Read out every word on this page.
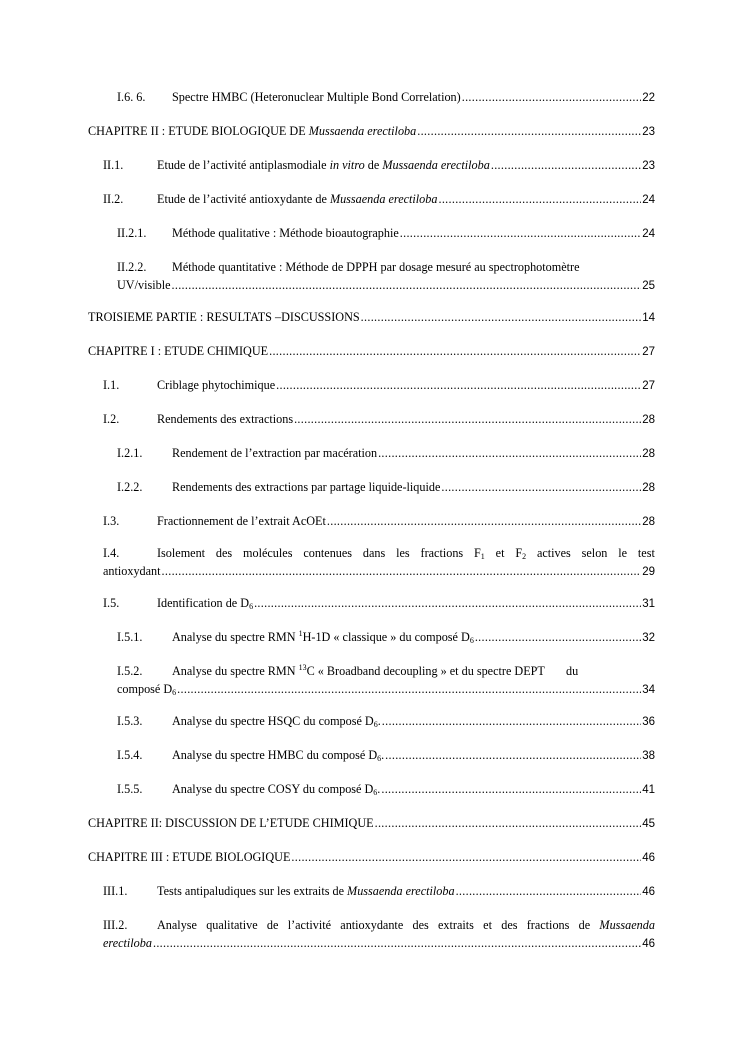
I.6. 6.	Spectre HMBC (Heteronuclear Multiple Bond Correlation) .....	22
CHAPITRE II : ETUDE BIOLOGIQUE DE Mussaenda erectiloba .....	23
II.1.	Etude de l’activité antiplasmodiale in vitro de Mussaenda erectiloba .....	23
II.2.	Etude de l’activité antioxydante de Mussaenda erectiloba .....	24
II.2.1.	Méthode qualitative : Méthode bioautographie .....	24
II.2.2.	Méthode quantitative : Méthode de DPPH par dosage mesuré au spectrophotomètre
UV/visible .....	25
TROISIEME PARTIE : RESULTATS –DISCUSSIONS .....	14
CHAPITRE I : ETUDE CHIMIQUE .....	27
I.1.	Criblage phytochimique .....	27
I.2.	Rendements des extractions .....	28
I.2.1.	Rendement de l’extraction par macération .....	28
I.2.2.	Rendements des extractions par partage liquide-liquide .....	28
I.3.	Fractionnement de l’extrait AcOEt .....	28
I.4.	Isolement des molécules contenues dans les fractions $F_1$ et $F_2$ actives selon le test
antioxydant .....	29
I.5.	Identification de $D_6$ .....	31
I.5.1.	Analyse du spectre RMN $^1$H-1D « classique » du composé $D_6$ .....	32
I.5.2.	Analyse du spectre RMN $^{13}$C « Broadband decoupling » et du spectre DEPT       du
composé $D_6$ .....	34
I.5.3.	Analyse du spectre HSQC du composé $D_6$. .....	36
I.5.4.	Analyse du spectre HMBC du composé $D_6$. .....	38
I.5.5.	Analyse du spectre COSY du composé $D_6$. .....	41
CHAPITRE II: DISCUSSION DE L’ETUDE CHIMIQUE .....	45
CHAPITRE III : ETUDE BIOLOGIQUE .....	46
III.1.	Tests antipaludiques sur les extraits de Mussaenda erectiloba .....	46
III.2.	Analyse qualitative de l’activité antioxydante des extraits et des fractions de Mussaenda
erectiloba .....	46
